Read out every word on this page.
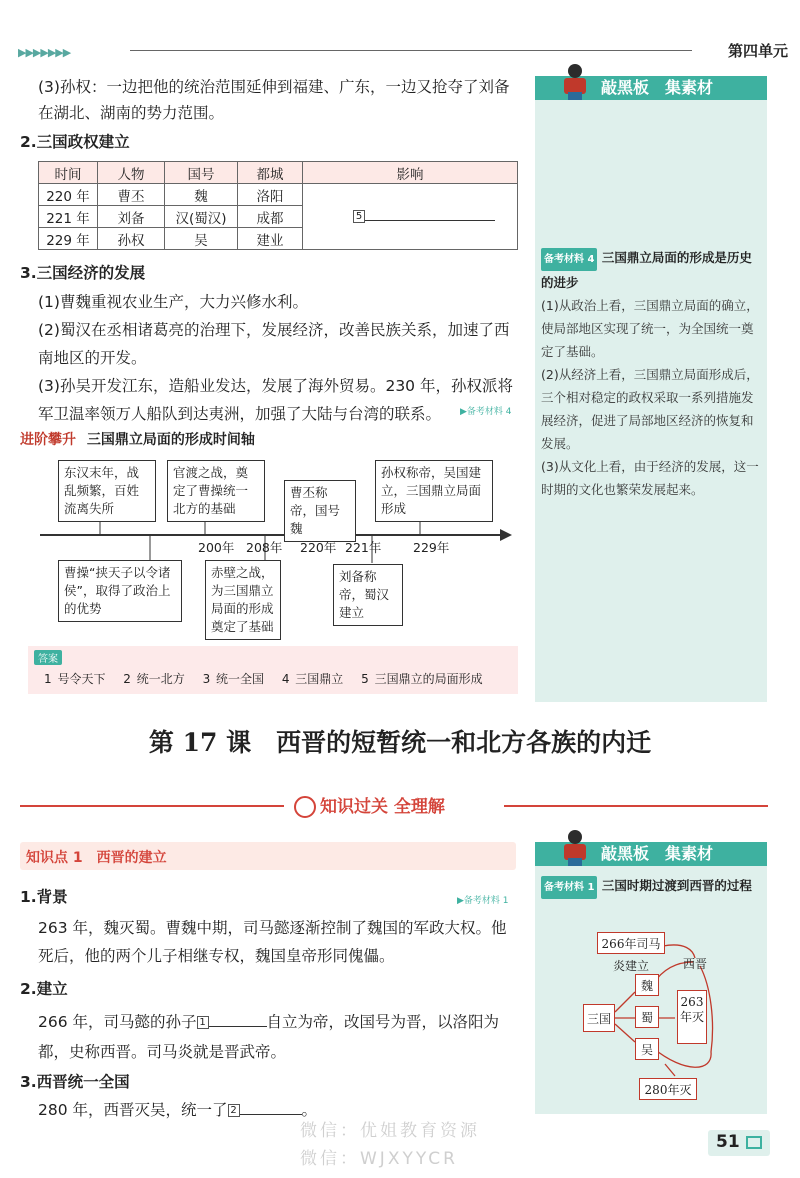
▶▶▶▶▶▶▶	第四单元
(3)孙权：一边把他的统治范围延伸到福建、广东，一边又抢夺了刘备在湖北、湖南的势力范围。
2.三国政权建立
时间	人物	国号	都城	影响
220 年	曹丕	魏	洛阳	5
221 年	刘备	汉(蜀汉)	成都	
229 年	孙权	吴	建业	
3.三国经济的发展
(1)曹魏重视农业生产，大力兴修水利。
(2)蜀汉在丞相诸葛亮的治理下，发展经济，改善民族关系，加速了西南地区的开发。
(3)孙吴开发江东，造船业发达，发展了海外贸易。230 年，孙权派将军卫温率领万人船队到达夷洲，加强了大陆与台湾的联系。	▶备考材料 4
进阶攀升 三国鼎立局面的形成时间轴
东汉末年，战乱频繁，百姓流离失所
官渡之战，奠定了曹操统一北方的基础
曹丕称帝，国号魏
孙权称帝，吴国建立，三国鼎立局面形成
200年 208年 220年 221年	229年
曹操“挟天子以令诸侯”，取得了政治上的优势
赤壁之战，为三国鼎立局面的形成奠定了基础
刘备称帝，蜀汉建立
答案
1 号令天下　 2 统一北方　 3 统一全国　 4 三国鼎立　 5 三国鼎立的局面形成
敲黑板　集素材
备考材料 4 三国鼎立局面的形成是历史的进步
(1)从政治上看，三国鼎立局面的确立，使局部地区实现了统一，为全国统一奠定了基础。
(2)从经济上看，三国鼎立局面形成后，三个相对稳定的政权采取一系列措施发展经济，促进了局部地区经济的恢复和发展。
(3)从文化上看，由于经济的发展，这一时期的文化也繁荣发展起来。
第 17 课　西晋的短暂统一和北方各族的内迁
知识过关 全理解
知识点 1　西晋的建立
1.背景	▶备考材料 1
263 年，魏灭蜀。曹魏中期，司马懿逐渐控制了魏国的军政大权。他死后，他的两个儿子相继专权，魏国皇帝形同傀儡。
2.建立
266 年，司马懿的孙子 1	自立为帝，改国号为晋，以洛阳为都，史称西晋。司马炎就是晋武帝。
3.西晋统一全国
280 年，西晋灭吴，统一了 2	。
敲黑板　集素材
备考材料 1 三国时期过渡到西晋的过程
266年司马炎建立	西晋
三国
魏
蜀
吴
263年灭
280年灭
微信：优姐教育资源
微信：WJXYYCR
51
